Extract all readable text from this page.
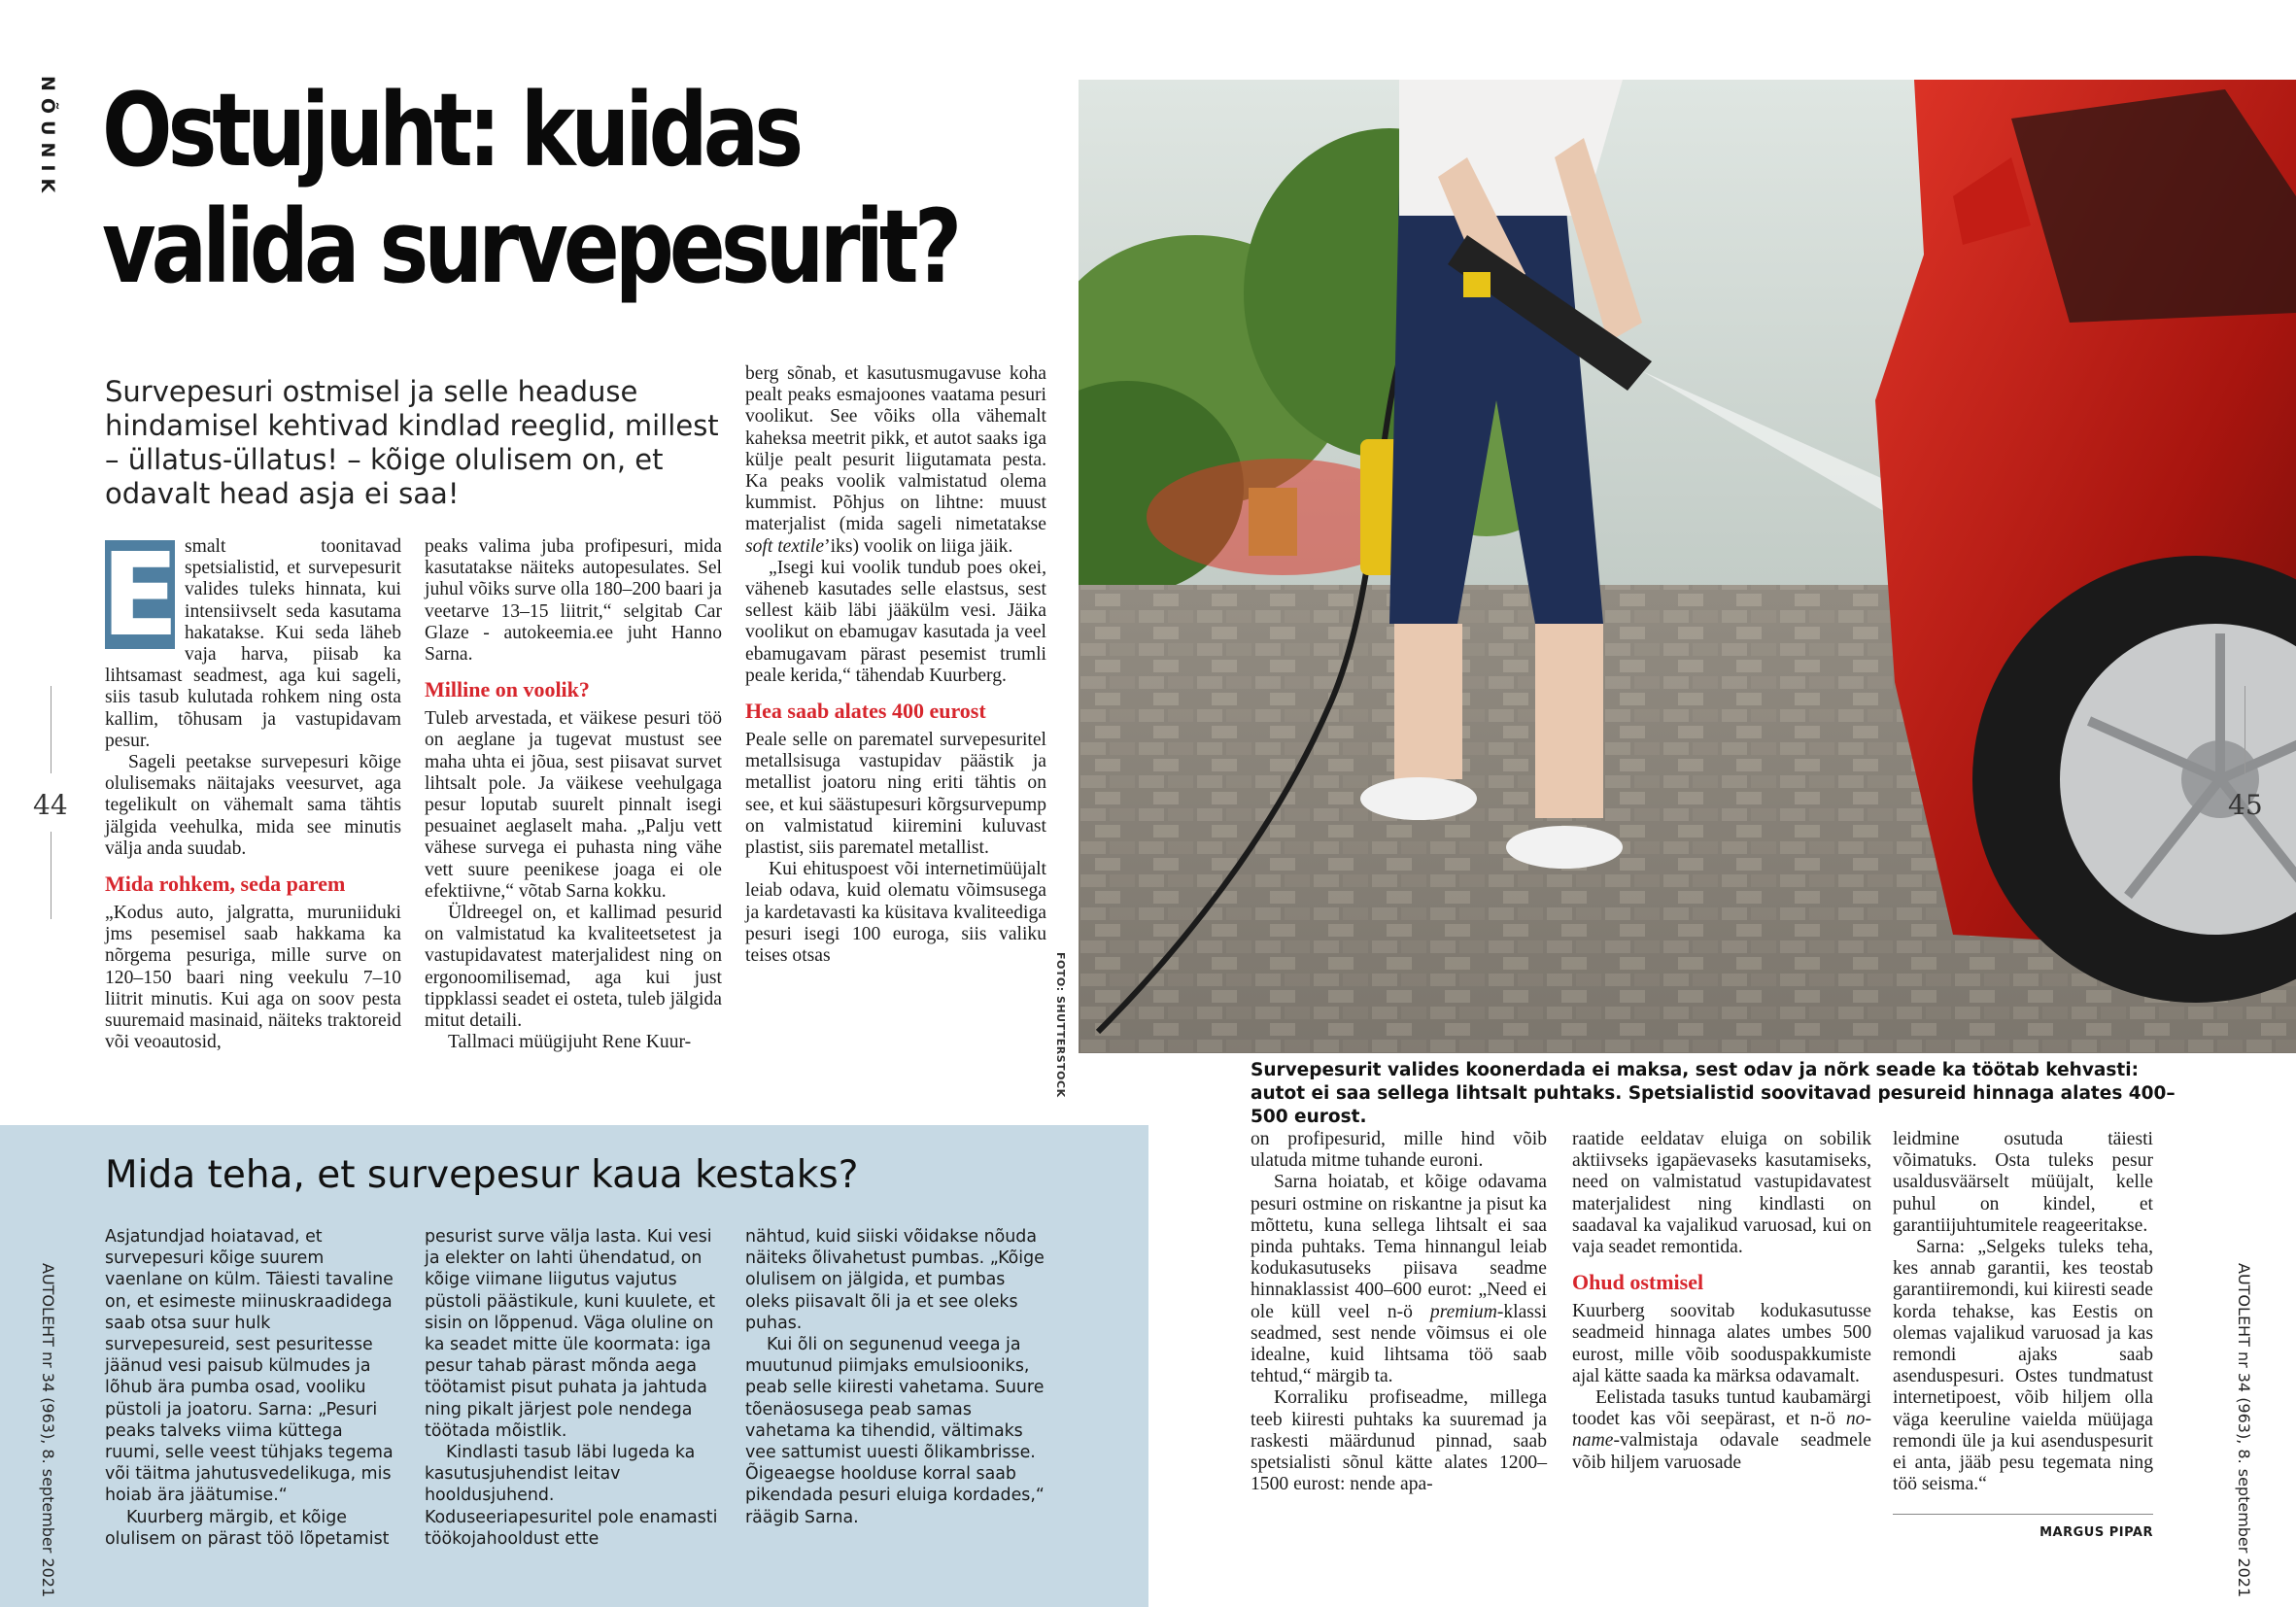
NÕUNIK Ostujuht: kuidas
valida survepesurit?
Survepesuri ostmisel ja selle headuse hindamisel kehtivad kindlad reeglid, millest – üllatus-üllatus! – kõige olulisem on, et odavalt head asja ei saa!
E smalt toonitavad spetsialistid, et survepesurit valides tuleks hinnata, kui intensiivselt seda kasutama hakatakse. Kui seda läheb vaja harva, piisab ka lihtsamast seadmest, aga kui sageli, siis tasub kulutada rohkem ning osta kallim, tõhusam ja vastupidavam pesur.

Sageli peetakse survepesuri kõige olulisemaks näitajaks veesurvet, aga tegelikult on vähemalt sama tähtis jälgida veehulka, mida see minutis välja anda suudab.

Mida rohkem, seda parem

„Kodus auto, jalgratta, muruniiduki jms pesemisel saab hakkama ka nõrgema pesuriga, mille surve on 120–150 baari ning veekulu 7–10 liitrit minutis. Kui aga on soov pesta suuremaid masinaid, näiteks traktoreid või veoautosid,

peaks valima juba profipesuri, mida kasutatakse näiteks autopesulates. Sel juhul võiks surve olla 180–200 baari ja veetarve 13–15 liitrit,“ selgitab Car Glaze - autokeemia.ee juht Hanno Sarna.

Milline on voolik?

Tuleb arvestada, et väikese pesuri töö on aeglane ja tugevat mustust see maha uhta ei jõua, sest piisavat survet lihtsalt pole. Ja väikese veehulgaga pesur loputab suurelt pinnalt isegi pesuainet aeglaselt maha. „Palju vett vähese survega ei puhasta ning vähe vett suure peenikese joaga ei ole efektiivne,“ võtab Sarna kokku.

Üldreegel on, et kallimad pesurid on valmistatud ka kvaliteetsetest ja vastupidavatest materjalidest ning on ergonoomilisemad, aga kui just tippklassi seadet ei osteta, tuleb jälgida mitut detaili.

Tallmaci müügijuht Rene Kuur-

berg sõnab, et kasutusmugavuse koha pealt peaks esmajoones vaatama pesuri voolikut. See võiks olla vähemalt kaheksa meetrit pikk, et autot saaks iga külje pealt pesurit liigutamata pesta. Ka peaks voolik valmistatud olema kummist. Põhjus on lihtne: muust materjalist (mida sageli nimetatakse soft textile’iks) voolik on liiga jäik.

„Isegi kui voolik tundub poes okei, väheneb kasutades selle elastsus, sest sellest käib läbi jääkülm vesi. Jäika voolikut on ebamugav kasutada ja veel ebamugavam pärast pesemist trumli peale kerida,“ tähendab Kuurberg.

Hea saab alates 400 eurost

Peale selle on parematel survepesuritel metallsisuga vastupidav päästik ja metallist joatoru ning eriti tähtis on see, et kui säästupesuri kõrgsurvepump on valmistatud kiiremini kuluvast plastist, siis parematel metallist.

Kui ehituspoest või internetimüüjalt leiab odava, kuid olematu võimsusega ja kardetavasti ka küsitava kvaliteediga pesuri isegi 100 euroga, siis valiku teises otsas

44
FOTO: SHUTTERSTOCK
45
Survepesurit valides koonerdada ei maksa, sest odav ja nõrk seade ka töötab kehvasti: autot ei saa sellega lihtsalt puhtaks. Spetsialistid soovitavad pesureid hinnaga alates 400–500 eurost.
Mida teha, et survepesur kaua kestaks?

Asjatundjad hoiatavad, et survepesuri kõige suurem vaenlane on külm. Täiesti tavaline on, et esimeste miinuskraadidega saab otsa suur hulk survepesureid, sest pesuritesse jäänud vesi paisub külmudes ja lõhub ära pumba osad, vooliku püstoli ja joatoru. Sarna: „Pesuri peaks talveks viima küttega ruumi, selle veest tühjaks tegema või täitma jahutusvedelikuga, mis hoiab ära jäätumise.“

Kuurberg märgib, et kõige olulisem on pärast töö lõpetamist

pesurist surve välja lasta. Kui vesi ja elekter on lahti ühendatud, on kõige viimane liigutus vajutus püstoli päästikule, kuni kuulete, et sisin on lõppenud. Väga oluline on ka seadet mitte üle koormata: iga pesur tahab pärast mõnda aega töötamist pisut puhata ja jahtuda ning pikalt järjest pole nendega töötada mõistlik.

Kindlasti tasub läbi lugeda ka kasutusjuhendist leitav hooldusjuhend. Koduseeriapesuritel pole enamasti töökojahooldust ette

nähtud, kuid siiski võidakse nõuda näiteks õlivahetust pumbas. „Kõige olulisem on jälgida, et pumbas oleks piisavalt õli ja et see oleks puhas.

Kui õli on segunenud veega ja muutunud piimjaks emulsiooniks, peab selle kiiresti vahetama. Suure tõenäosusega peab samas vahetama ka tihendid, vältimaks vee sattumist uuesti õlikambrisse. Õigeaegse hoolduse korral saab pikendada pesuri eluiga kordades,“ räägib Sarna.

AUTOLEHT nr 34 (963), 8. september 2021	AUTOLEHT nr 34 (963), 8. september 2021

on profipesurid, mille hind võib ulatuda mitme tuhande euroni.

Sarna hoiatab, et kõige odavama pesuri ostmine on riskantne ja pisut ka mõttetu, kuna sellega lihtsalt ei saa pinda puhtaks. Tema hinnangul leiab kodukasutuseks piisava seadme hinnaklassist 400–600 eurot: „Need ei ole küll veel n-ö premium-klassi seadmed, sest nende võimsus ei ole idealne, kuid lihtsama töö saab tehtud,“ märgib ta.

Korraliku profiseadme, millega teeb kiiresti puhtaks ka suuremad ja raskesti määrdunud pinnad, saab spetsialisti sõnul kätte alates 1200–1500 eurost: nende apa-

raatide eeldatav eluiga on sobilik aktiivseks igapäevaseks kasutamiseks, need on valmistatud vastupidavatest materjalidest ning kindlasti on saadaval ka vajalikud varuosad, kui on vaja seadet remontida.

Ohud ostmisel

Kuurberg soovitab kodukasutusse seadmeid hinnaga alates umbes 500 eurost, mille võib sooduspakkumiste ajal kätte saada ka märksa odavamalt.

Eelistada tasuks tuntud kaubamärgi toodet kas või seepärast, et n-ö no-name-valmistaja odavale seadmele võib hiljem varuosade

leidmine osutuda täiesti võimatuks. Osta tuleks pesur usaldusväärselt müüjalt, kelle puhul on kindel, et garantiijuhtumitele reageeritakse.

Sarna: „Selgeks tuleks teha, kes annab garantii, kes teostab garantiiremondi, kui kiiresti seade korda tehakse, kas Eestis on olemas vajalikud varuosad ja kas remondi ajaks saab asenduspesuri. Ostes tundmatust internetipoest, võib hiljem olla väga keeruline vaielda müüjaga remondi üle ja kui asenduspesurit ei anta, jääb pesu tegemata ning töö seisma.“

MARGUS PIPAR
